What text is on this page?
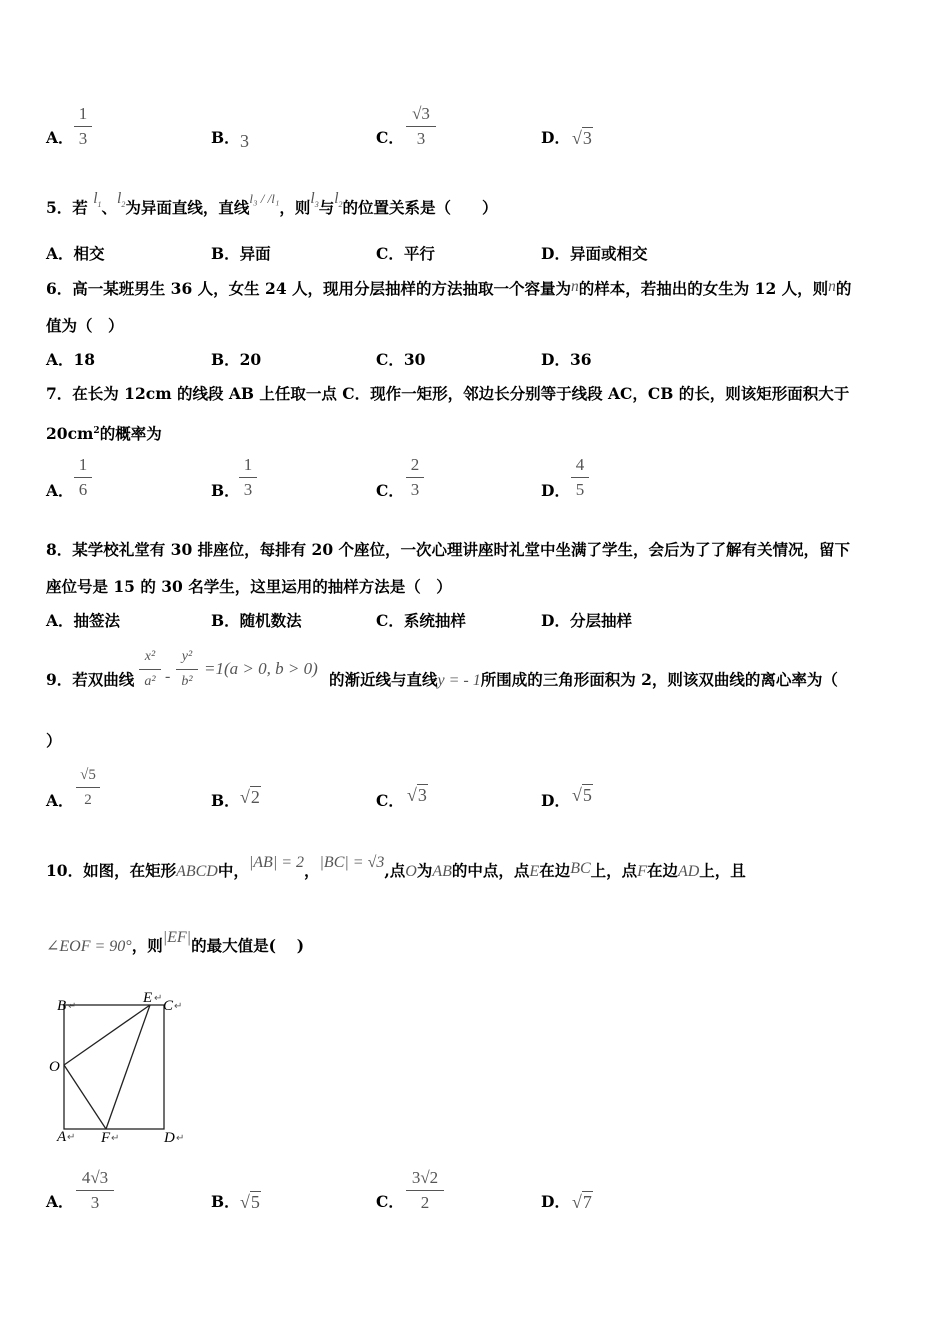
A．
1
3	B． 3	C．
√3
3	D． √3
5．若 $l_1$、$l_2$为异面直线，直线$^{l_3 / /l_1}$，则$l_3$与$l_2$的位置关系是（　　）
A．相交	B．异面	C．平行	D．异面或相交
6．高一某班男生 36 人，女生 24 人，现用分层抽样的方法抽取一个容量为n的样本，若抽出的女生为 12 人，则n的
值为（　）
A．18	B．20	C．30	D．36
7．在长为 12cm 的线段 AB 上任取一点 C．现作一矩形，邻边长分别等于线段 AC，CB 的长，则该矩形面积大于
$20cm^2$的概率为
A．
1
6	B．
1
3	C．
2
3	D．
4
5
8．某学校礼堂有 30 排座位，每排有 20 个座位，一次心理讲座时礼堂中坐满了学生，会后为了了解有关情况，留下
座位号是 15 的 30 名学生，这里运用的抽样方法是（　）
A．抽签法	B．随机数法	C．系统抽样	D．分层抽样
9．若双曲线
x²
a² -
y²
b²
=1(a > 0, b > 0)
的渐近线与直线y = - 1所围成的三角形面积为 2，则该双曲线的离心率为（
）
A．
√5
2	B． √2	C． √3	D． √5
10．如图，在矩形ABCD中，|AB| = 2，|BC| = √3,点O为AB的中点，点E在边BC上，点F在边AD上，且
∠EOF = 90°，则|EF|的最大值是(　 )
B ↵
E ↵ C ↵
O
A ↵ F ↵	D ↵
A．
4√3
3	B． √5	C．
3√2
2	D． √7
